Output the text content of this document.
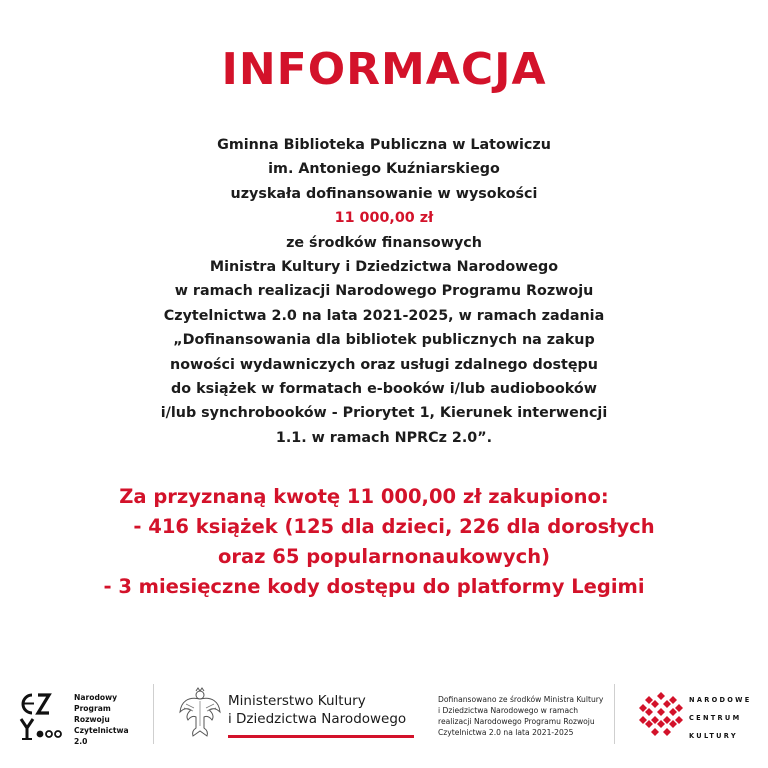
INFORMACJA
Gminna Biblioteka Publiczna w Latowiczu
im. Antoniego Kuźniarskiego
uzyskała dofinansowanie w wysokości
11 000,00 zł
ze środków finansowych
Ministra Kultury i Dziedzictwa Narodowego
w ramach realizacji Narodowego Programu Rozwoju
Czytelnictwa 2.0 na lata 2021-2025, w ramach zadania
„Dofinansowania dla bibliotek publicznych na zakup
nowości wydawniczych oraz usługi zdalnego dostępu
do książek w formatach e-booków i/lub audiobooków
i/lub synchrobooków - Priorytet 1, Kierunek interwencji
1.1. w ramach NPRCz 2.0”.
Za przyznaną kwotę 11 000,00 zł zakupiono:
- 416 książek (125 dla dzieci, 226 dla dorosłych
oraz 65 popularnonaukowych)
- 3 miesięczne kody dostępu do platformy Legimi
Narodowy
Program
Rozwoju
Czytelnictwa
2.0
Ministerstwo Kultury
i Dziedzictwa Narodowego
Dofinansowano ze środków Ministra Kultury
i Dziedzictwa Narodowego w ramach
realizacji Narodowego Programu Rozwoju
Czytelnictwa 2.0 na lata 2021-2025
NARODOWE
CENTRUM
KULTURY
